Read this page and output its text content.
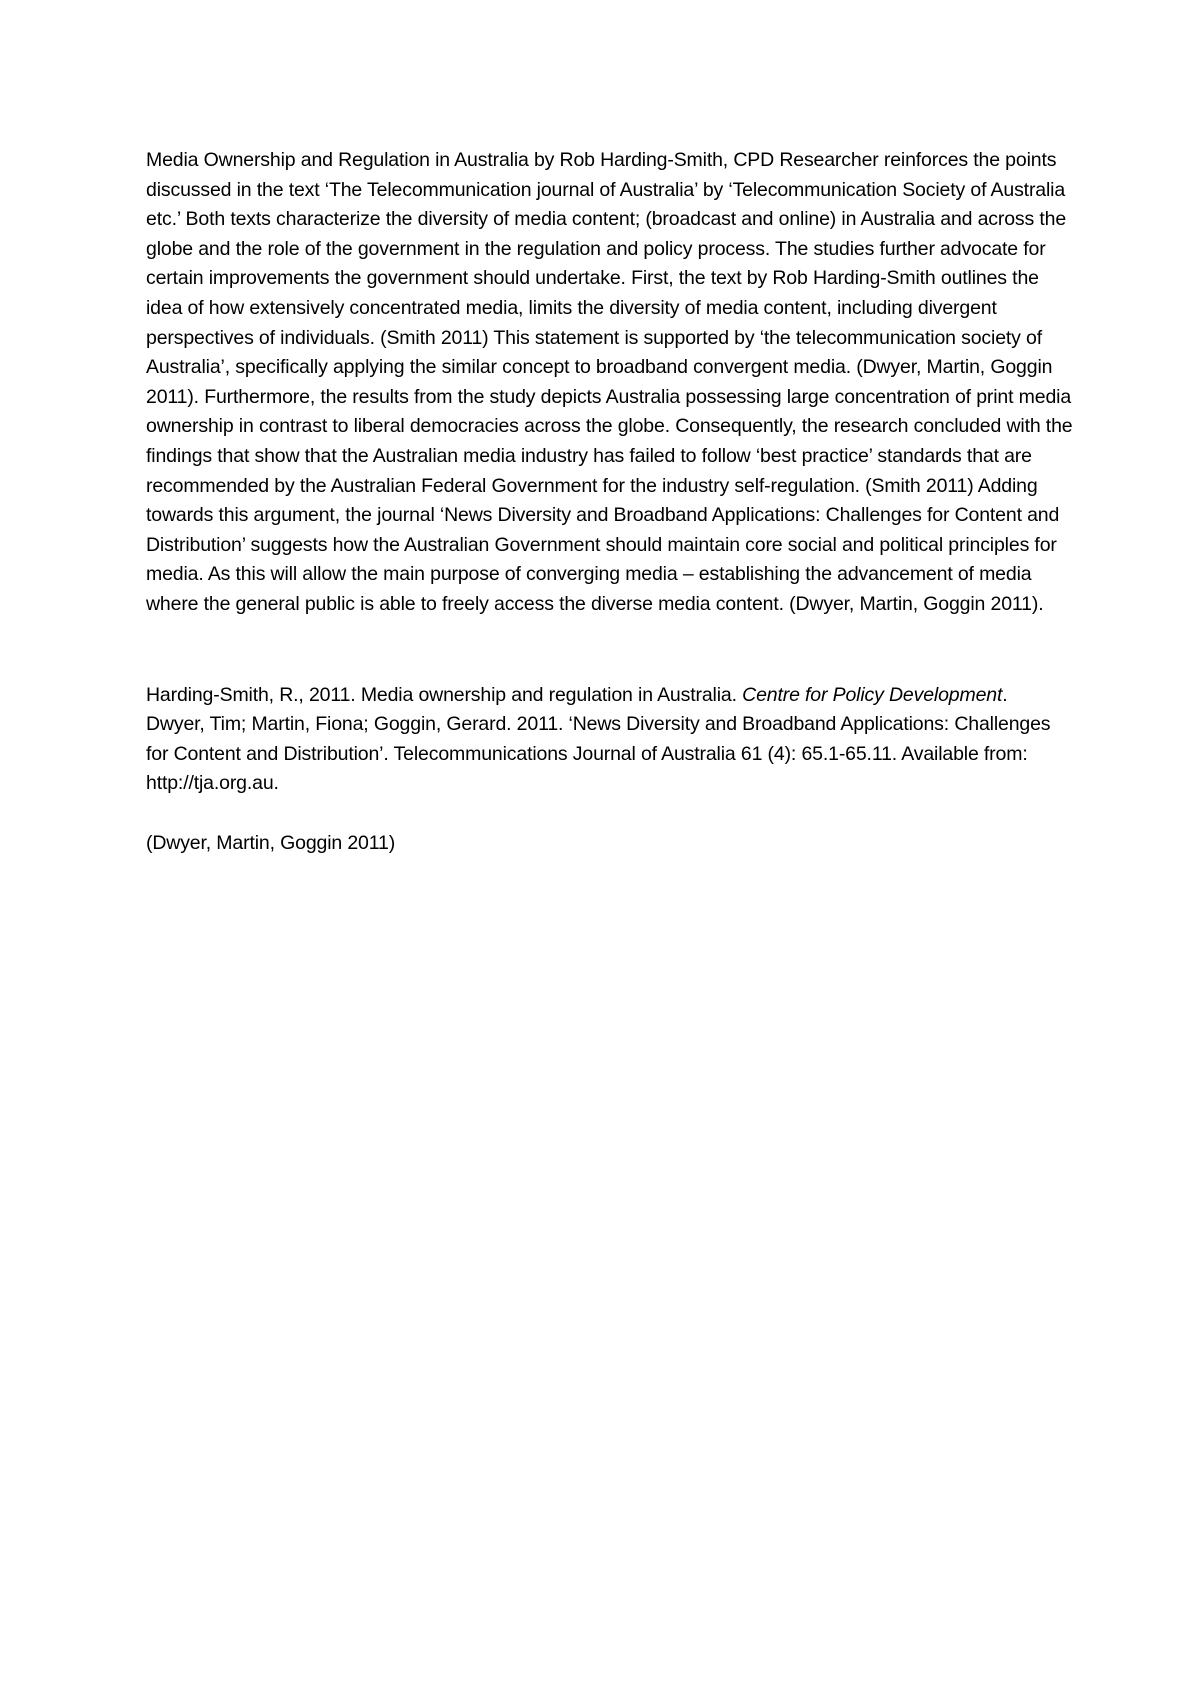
Media Ownership and Regulation in Australia by Rob Harding-Smith, CPD Researcher reinforces the points discussed in the text ‘The Telecommunication journal of Australia’ by ‘Telecommunication Society of Australia etc.’ Both texts characterize the diversity of media content; (broadcast and online) in Australia and across the globe and the role of the government in the regulation and policy process. The studies further advocate for certain improvements the government should undertake. First, the text by Rob Harding-Smith outlines the idea of how extensively concentrated media, limits the diversity of media content, including divergent perspectives of individuals. (Smith 2011) This statement is supported by ‘the telecommunication society of Australia’, specifically applying the similar concept to broadband convergent media. (Dwyer, Martin, Goggin 2011). Furthermore, the results from the study depicts Australia possessing large concentration of print media ownership in contrast to liberal democracies across the globe. Consequently, the research concluded with the findings that show that the Australian media industry has failed to follow ‘best practice’ standards that are recommended by the Australian Federal Government for the industry self-regulation. (Smith 2011) Adding towards this argument, the journal ‘News Diversity and Broadband Applications: Challenges for Content and Distribution’ suggests how the Australian Government should maintain core social and political principles for media. As this will allow the main purpose of converging media – establishing the advancement of media where the general public is able to freely access the diverse media content. (Dwyer, Martin, Goggin 2011).

Harding-Smith, R., 2011. Media ownership and regulation in Australia. Centre for Policy Development.

Dwyer, Tim; Martin, Fiona; Goggin, Gerard. 2011. ‘News Diversity and Broadband Applications: Challenges for Content and Distribution’. Telecommunications Journal of Australia 61 (4): 65.1-65.11. Available from: http://tja.org.au.

(Dwyer, Martin, Goggin 2011)
